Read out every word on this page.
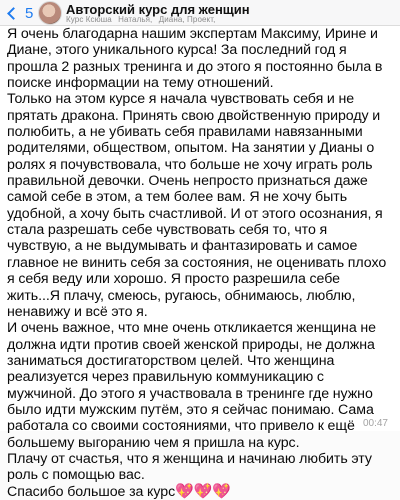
5	Авторский курс для женщин
Курс Ксюша Наталья, Диана, Проект,

Я очень благодарна нашим экспертам Максиму, Ирине и Диане, этого уникального курса! За последний год я прошла 2 разных тренинга и до этого я постоянно была в поиске информации на тему отношений.

Только на этом курсе я начала чувствовать себя и не прятать дракона. Принять свою двойственную природу и полюбить, а не убивать себя правилами навязанными родителями, обществом, опытом. На занятии у Дианы о ролях я почувствовала, что больше не хочу играть роль правильной девочки. Очень непросто признаться даже самой себе в этом, а тем более вам. Я не хочу быть удобной, а хочу быть счастливой. И от этого осознания, я стала разрешать себе чувствовать себя то, что я чувствую, а не выдумывать и фантазировать и самое главное не винить себя за состояния, не оценивать плохо я себя веду или хорошо. Я просто разрешила себе жить...Я плачу, смеюсь, ругаюсь, обнимаюсь, люблю, ненавижу и всё это я.

И очень важное, что мне очень откликается женщина не должна идти против своей женской природы, не должна заниматься достигаторством целей. Что женщина реализуется через правильную коммуникацию с мужчиной. До этого я участвовала в тренинге где нужно было идти мужским путём, это я сейчас понимаю. Сама работала со своими состояниями, что привело к ещё большему выгоранию чем я пришла на курс.

Плачу от счастья, что я женщина и начинаю любить эту роль с помощью вас.

Спасибо большое за курс💖💖💖

00:47
